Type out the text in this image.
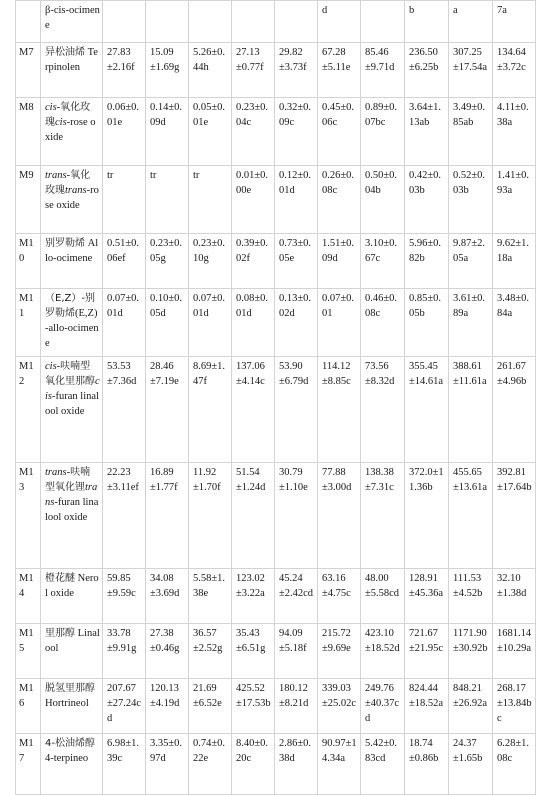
	β-cis-ocimene						d		b	a	7a

M7	异松油烯 Terpinolen	27.83±2.16f	15.09±1.69g	5.26±0.44h	27.13±0.77f	29.82±3.73f	67.28±5.11e	85.46±9.71d	236.50±6.25b	307.25±17.54a	134.64±3.72c

M8	cis-氧化玫瑰cis-rose oxide	0.06±0.01e	0.14±0.09d	0.05±0.01e	0.23±0.04c	0.32±0.09c	0.45±0.06c	0.89±0.07bc	3.64±1.13ab	3.49±0.85ab	4.11±0.38a

M9	trans-氧化玫瑰trans-rose oxide	tr	tr	tr	0.01±0.00e	0.12±0.01d	0.26±0.08c	0.50±0.04b	0.42±0.03b	0.52±0.03b	1.41±0.93a

M10	别罗勒烯 Allo-ocimene	0.51±0.06ef	0.23±0.05g	0.23±0.10g	0.39±0.02f	0.73±0.05e	1.51±0.09d	3.10±0.67c	5.96±0.82b	9.87±2.05a	9.62±1.18a

M11	（E,Z）-别罗勒烯(E,Z)-allo-ocimene	0.07±0.01d	0.10±0.05d	0.07±0.01d	0.08±0.01d	0.13±0.02d	0.07±0.01	0.46±0.08c	0.85±0.05b	3.61±0.89a	3.48±0.84a

M12	cis-呋喃型氧化里那醇cis-furan linalool oxide	53.53±7.36d	28.46±7.19e	8.69±1.47f	137.06±4.14c	53.90±6.79d	114.12±8.85c	73.56±8.32d	355.45±14.61a	388.61±11.61a	261.67±4.96b

M13	trans-呋喃型氧化锂trans-furan linalool oxide	22.23±3.11ef	16.89±1.77f	11.92±1.70f	51.54±1.24d	30.79±1.10e	77.88±3.00d	138.38±7.31c	372.0±11.36b	455.65±13.61a	392.81±17.64b

M14	橙花醚 Nerol oxide	59.85±9.59c	34.08±3.69d	5.58±1.38e	123.02±3.22a	45.24±2.42cd	63.16±4.75c	48.00±5.58cd	128.91±45.36a	111.53±4.52b	32.10±1.38d

M15	里那醇 Linalool	33.78±9.91g	27.38±0.46g	36.57±2.52g	35.43±6.51g	94.09±5.18f	215.72±9.69e	423.10±18.52d	721.67±21.95c	1171.90±30.92b	1681.14±10.29a

M16	脱氢里那醇 Hortrineol	207.67±27.24cd	120.13±4.19d	21.69±6.52e	425.52±17.53b	180.12±8.21d	339.03±25.02c	249.76±40.37cd	824.44±18.52a	848.21±26.92a	268.17±13.84bc

M17	4-松油烯醇 4-terpineo	6.98±1.39c	3.35±0.97d	0.74±0.22e	8.40±0.20c	2.86±0.38d	90.97±14.34a	5.42±0.83cd	18.74±0.86b	24.37±1.65b	6.28±1.08c
